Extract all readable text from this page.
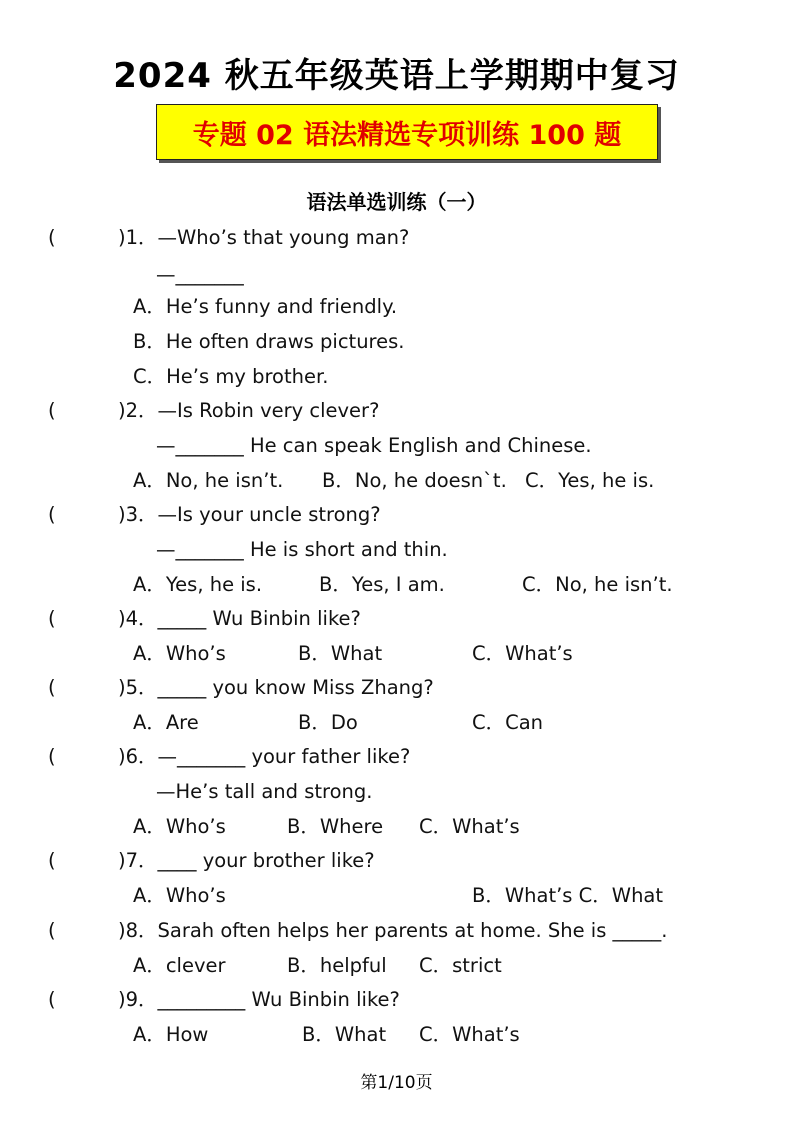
2024 秋五年级英语上学期期中复习
专题 02 语法精选专项训练 100 题
语法单选训练（一）
(	)1．—Who’s that young man?
—_______
A．He’s funny and friendly.
B．He often draws pictures.
C．He’s my brother.
(	)2．—Is Robin very clever?
—_______ He can speak English and Chinese.
A．No, he isn’t. B．No, he doesn`t. C．Yes, he is.
(	)3．—Is your uncle strong?
—_______ He is short and thin.
A．Yes, he is.	B．Yes, I am.	C．No, he isn’t.
(	)4．_____ Wu Binbin like?
A．Who’s	B．What	C．What’s
(	)5．_____ you know Miss Zhang?
A．Are	B．Do	C．Can
(	)6．—_______ your father like?
—He’s tall and strong.
A．Who’s	B．Where C．What’s
(	)7．____ your brother like?
A．Who’s	B．What’s C．What
(	)8．Sarah often helps her parents at home. She is _____.
A．clever	B．helpful C．strict
(	)9．_________ Wu Binbin like?
A．How	B．What C．What’s
第1/10页
